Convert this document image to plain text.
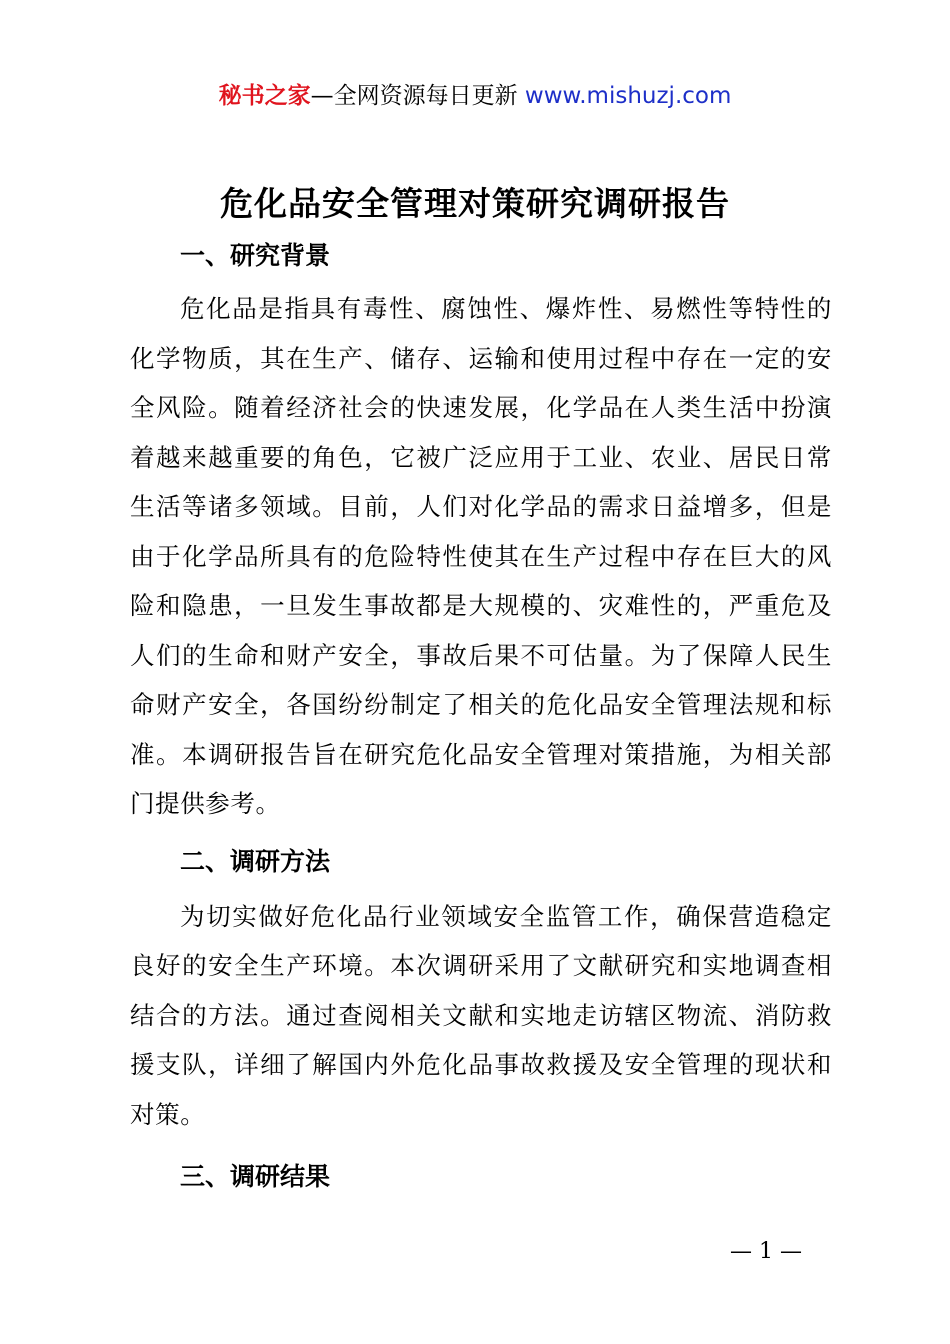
秘书之家—全网资源每日更新 www.mishuzj.com
危化品安全管理对策研究调研报告

一、研究背景

危化品是指具有毒性、腐蚀性、爆炸性、易燃性等特性的化学物质，其在生产、储存、运输和使用过程中存在一定的安全风险。随着经济社会的快速发展，化学品在人类生活中扮演着越来越重要的角色，它被广泛应用于工业、农业、居民日常生活等诸多领域。目前，人们对化学品的需求日益增多，但是由于化学品所具有的危险特性使其在生产过程中存在巨大的风险和隐患，一旦发生事故都是大规模的、灾难性的，严重危及人们的生命和财产安全，事故后果不可估量。为了保障人民生命财产安全，各国纷纷制定了相关的危化品安全管理法规和标准。本调研报告旨在研究危化品安全管理对策措施，为相关部门提供参考。

二、调研方法

为切实做好危化品行业领域安全监管工作，确保营造稳定良好的安全生产环境。本次调研采用了文献研究和实地调查相结合的方法。通过查阅相关文献和实地走访辖区物流、消防救援支队，详细了解国内外危化品事故救援及安全管理的现状和对策。

三、调研结果

— 1 —
